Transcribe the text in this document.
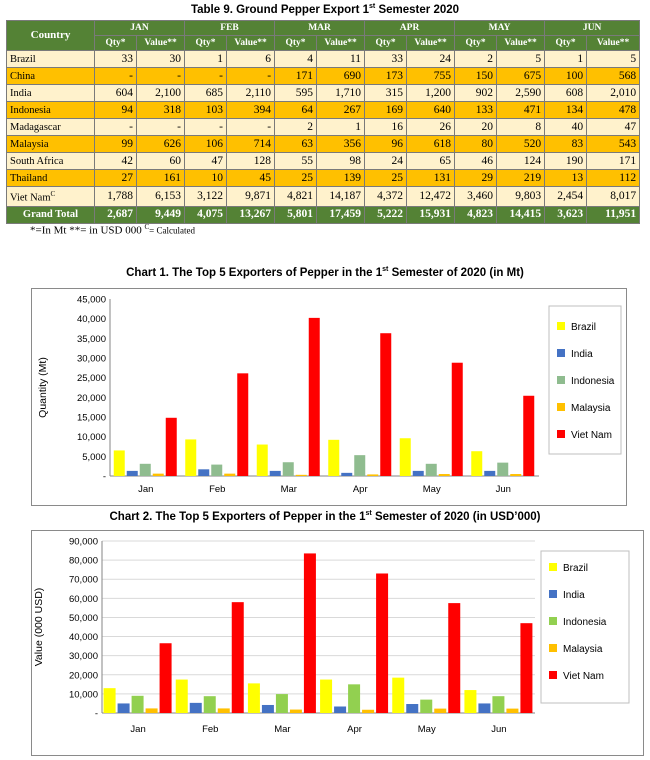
Table 9. Ground Pepper Export 1st Semester 2020
Country	JAN		FEB		MAR		APR		MAY		JUN	
	Qty*	Value**	Qty*	Value**	Qty*	Value**	Qty*	Value**	Qty*	Value**	Qty*	Value**
Brazil	33	30	1	6	4	11	33	24	2	5	1	5
China	-	-	-	-	171	690	173	755	150	675	100	568
India	604	2,100	685	2,110	595	1,710	315	1,200	902	2,590	608	2,010
Indonesia	94	318	103	394	64	267	169	640	133	471	134	478
Madagascar	-	-	-	-	2	1	16	26	20	8	40	47
Malaysia	99	626	106	714	63	356	96	618	80	520	83	543
South Africa	42	60	47	128	55	98	24	65	46	124	190	171
Thailand	27	161	10	45	25	139	25	131	29	219	13	112
Viet Nam$^C$	1,788	6,153	3,122	9,871	4,821	14,187	4,372	12,472	3,460	9,803	2,454	8,017
Grand Total	2,687	9,449	4,075	13,267	5,801	17,459	5,222	15,931	4,823	14,415	3,623	11,951
*=In Mt **= in USD 000 $^C$= Calculated
Chart 1. The Top 5 Exporters of Pepper in the 1st Semester of 2020 (in Mt)
-
5,000
10,000
15,000
20,000
25,000
30,000
35,000
40,000
45,000
Jan	Feb	Mar	Apr	May	Jun
Quantity (Mt)
Brazil
India
Indonesia
Malaysia
Viet Nam
Chart 2. The Top 5 Exporters of Pepper in the 1st Semester of 2020 (in USD’000)
-
10,000
20,000
30,000
40,000
50,000
60,000
70,000
80,000
90,000
Jan	Feb	Mar	Apr	May	Jun
Value (000 USD)
Brazil
India
Indonesia
Malaysia
Viet Nam
